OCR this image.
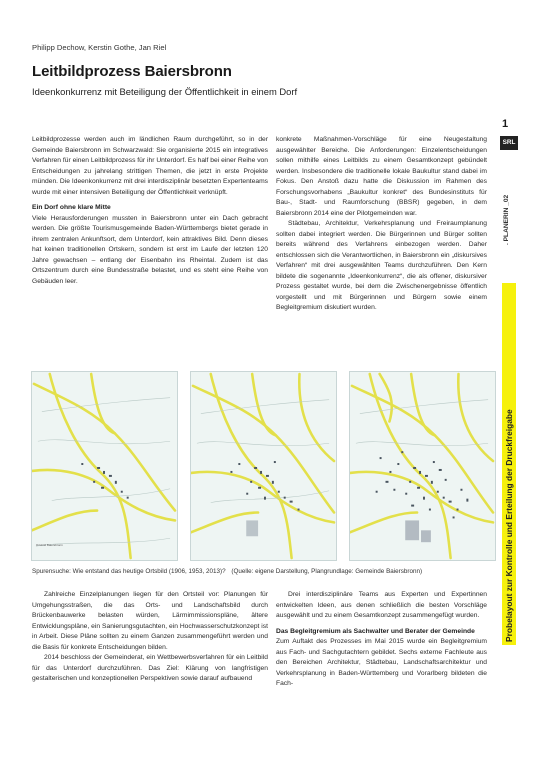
Philipp Dechow, Kerstin Gothe, Jan Riel
Leitbildprozess Baiersbronn
Ideenkonkurrenz mit Beteiligung der Öffentlichkeit in einem Dorf

Leitbildprozesse werden auch im ländlichen Raum durchgeführt, so in der Gemeinde Baiersbronn im Schwarzwald: Sie organisierte 2015 ein integratives Verfahren für einen Leitbildprozess für ihr Unterdorf. Es half bei einer Reihe von Entscheidungen zu jahrelang strittigen Themen, die jetzt in erste Projekte münden. Die Ideenkonkurrenz mit drei interdisziplinär besetzten Expertenteams wurde mit einer intensiven Beteiligung der Öffentlichkeit verknüpft.

Ein Dorf ohne klare Mitte

Viele Herausforderungen mussten in Baiersbronn unter ein Dach gebracht werden. Die größte Tourismusgemeinde Baden-Württembergs bietet gerade in ihrem zentralen Ankunftsort, dem Unterdorf, kein attraktives Bild. Denn dieses hat keinen traditionellen Ortskern, sondern ist erst im Laufe der letzten 120 Jahre gewachsen – entlang der Eisenbahn ins Rheintal. Zudem ist das Ortszentrum durch eine Bundesstraße belastet, und es steht eine Reihe von Gebäuden leer.

konkrete Maßnahmen-Vorschläge für eine Neugestaltung ausgewählter Bereiche. Die Anforderungen: Einzelentscheidungen sollen mithilfe eines Leitbilds zu einem Gesamtkonzept gebündelt werden. Insbesondere die traditionelle lokale Baukultur stand dabei im Fokus. Den Anstoß dazu hatte die Diskussion im Rahmen des Forschungsvorhabens „Baukultur konkret“ des Bundesinstituts für Bau-, Stadt- und Raumforschung (BBSR) gegeben, in dem Baiersbronn 2014 eine der Pilotgemeinden war.

Städtebau, Architektur, Verkehrsplanung und Freiraumplanung sollten dabei integriert werden. Die Bürgerinnen und Bürger sollten bereits während des Verfahrens einbezogen werden. Daher entschlossen sich die Verantwortlichen, in Baiersbronn ein „diskursives Verfahren“ mit drei ausgewählten Teams durchzuführen. Den Kern bildete die sogenannte „Ideenkonkurrenz“, die als offener, diskursiver Prozess gestaltet wurde, bei dem die Zwischenergebnisse öffentlich vorgestellt und mit Bürgerinnen und Bürgern sowie einem Begleitgremium diskutiert wurden.

Ortsbild Baiersbronn
Spurensuche: Wie entstand das heutige Ortsbild (1906, 1953, 2013)? (Quelle: eigene Darstellung, Plangrundlage: Gemeinde Baiersbronn)

Zahlreiche Einzelplanungen liegen für den Ortsteil vor: Planungen für Umgehungsstraßen, die das Orts- und Landschaftsbild durch Brückenbauwerke belasten würden, Lärmimmissionspläne, ältere Entwicklungspläne, ein Sanierungsgutachten, ein Hochwasserschutzkonzept ist in Arbeit. Diese Pläne sollten zu einem Ganzen zusammengeführt werden und die Basis für konkrete Entscheidungen bilden.

2014 beschloss der Gemeinderat, ein Wettbewerbsverfahren für ein Leitbild für das Unterdorf durchzuführen. Das Ziel: Klärung von langfristigen gestalterischen und konzeptionellen Perspektiven sowie darauf aufbauend

Drei interdisziplinäre Teams aus Experten und Expertinnen entwickelten Ideen, aus denen schließlich die besten Vorschläge ausgewählt und zu einem Gesamtkonzept zusammengefügt wurden.

Das Begleitgremium als Sachwalter und Berater der Gemeinde

Zum Auftakt des Prozesses im Mai 2015 wurde ein Begleitgremium aus Fach- und Sachgutachtern gebildet. Sechs externe Fachleute aus den Bereichen Architektur, Städtebau, Landschaftsarchitektur und Verkehrsplanung in Baden-Württemberg und Vorarlberg bildeten die Fach-

1
SRL
. PLANERIN _02
Probelayout zur Kontrolle und Erteilung der Druckfreigabe
